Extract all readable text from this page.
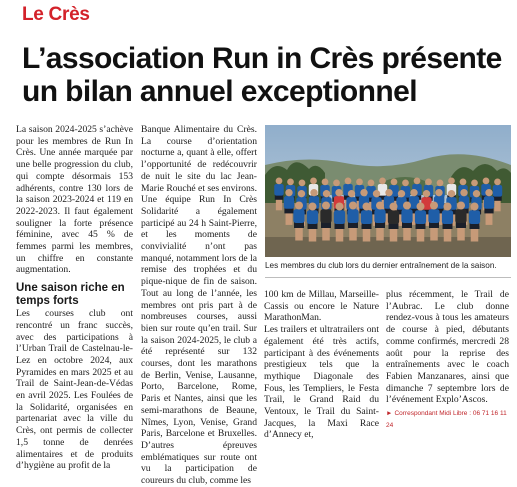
Le Crès
L’association Run in Crès présente
un bilan annuel exceptionnel

La saison 2024-2025 s’achève pour les membres de Run In Crès. Une année marquée par une belle progression du club, qui compte désormais 153 adhérents, contre 130 lors de la saison 2023-2024 et 119 en 2022-2023. Il faut également souligner la forte présence féminine, avec 45 % de femmes parmi les membres, un chiffre en constante augmentation.

Une saison riche en temps forts

Les courses club ont rencontré un franc succès, avec des participations à l’Urban Trail de Castelnau-le-Lez en octobre 2024, aux Pyramides en mars 2025 et au Trail de Saint-Jean-de-Védas en avril 2025. Les Foulées de la Solidarité, organisées en partenariat avec la ville du Crès, ont permis de collecter 1,5 tonne de denrées alimentaires et de produits d’hygiène au profit de la

Banque Alimentaire du Crès. La course d’orientation nocturne a, quant à elle, offert l’opportunité de redécouvrir de nuit le site du lac Jean-Marie Rouché et ses environs. Une équipe Run In Crès Solidarité a également participé au 24 h Saint-Pierre, et les moments de convivialité n’ont pas manqué, notamment lors de la remise des trophées et du pique-nique de fin de saison. Tout au long de l’année, les membres ont pris part à de nombreuses courses, aussi bien sur route qu’en trail. Sur la saison 2024-2025, le club a été représenté sur 132 courses, dont les marathons de Berlin, Venise, Lausanne, Porto, Barcelone, Rome, Paris et Nantes, ainsi que les semi-marathons de Beaune, Nîmes, Lyon, Venise, Grand Paris, Barcelone et Bruxelles. D’autres épreuves emblématiques sur route ont vu la participation de coureurs du club, comme les

Les membres du club lors du dernier entraînement de la saison.

100 km de Millau, Marseille-Cassis ou encore le Nature MarathonMan.

Les trailers et ultratrailers ont également été très actifs, participant à des événements prestigieux tels que la mythique Diagonale des Fous, les Templiers, le Festa Trail, le Grand Raid du Ventoux, le Trail du Saint-Jacques, la Maxi Race d’Annecy et,

plus récemment, le Trail de l’Aubrac. Le club donne rendez-vous à tous les amateurs de course à pied, débutants comme confirmés, mercredi 28 août pour la reprise des entraînements avec le coach Fabien Manzanares, ainsi que dimanche 7 septembre lors de l’événement Explo’Ascos.

► Correspondant Midi Libre : 06 71 16 11 24
